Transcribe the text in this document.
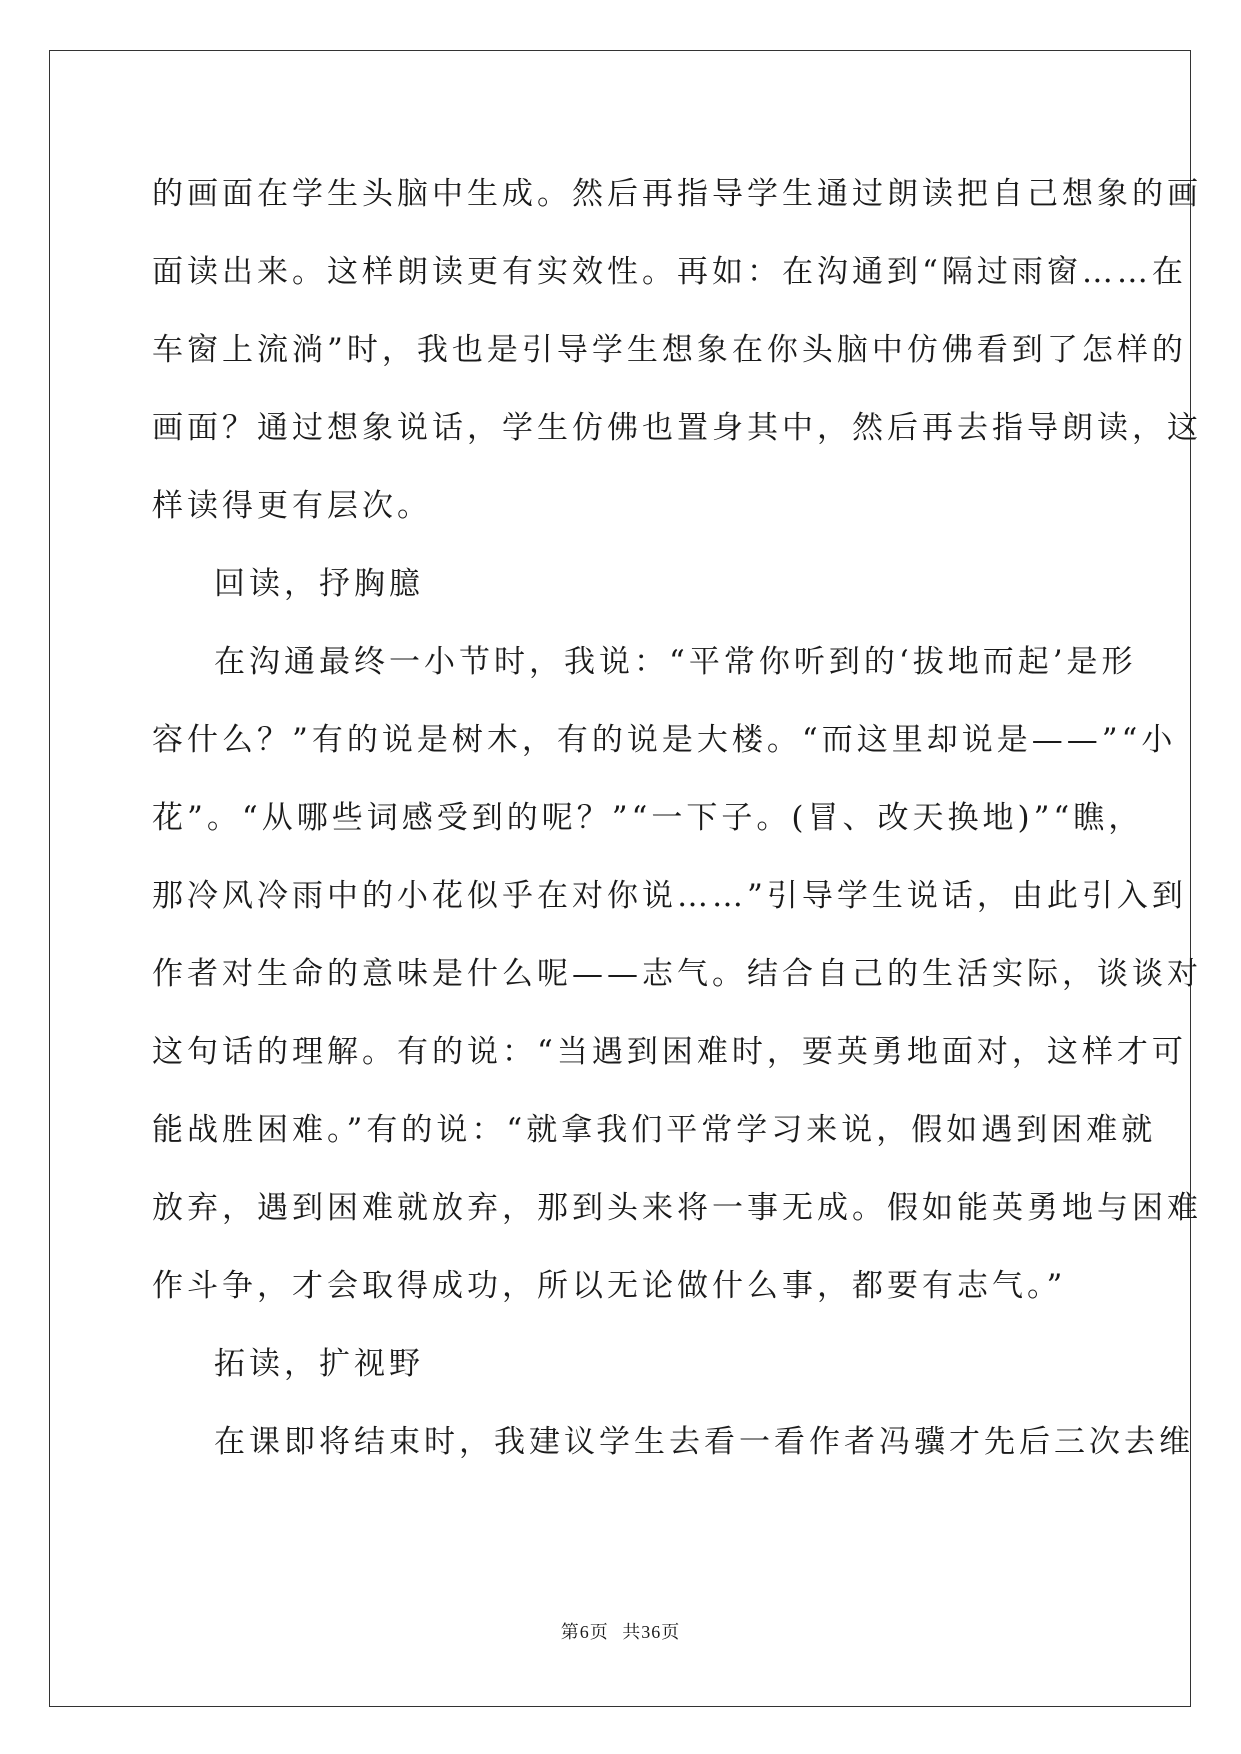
的画面在学生头脑中生成。然后再指导学生通过朗读把自己想象的画
面读出来。这样朗读更有实效性。再如：在沟通到“隔过雨窗……在
车窗上流淌”时，我也是引导学生想象在你头脑中仿佛看到了怎样的
画面？通过想象说话，学生仿佛也置身其中，然后再去指导朗读，这
样读得更有层次。
回读，抒胸臆
在沟通最终一小节时，我说：“平常你听到的‘拔地而起’是形
容什么？”有的说是树木，有的说是大楼。“而这里却说是——”“小
花”。“从哪些词感受到的呢？”“一下子。(冒、改天换地)”“瞧，
那冷风冷雨中的小花似乎在对你说……”引导学生说话，由此引入到
作者对生命的意味是什么呢——志气。结合自己的生活实际，谈谈对
这句话的理解。有的说：“当遇到困难时，要英勇地面对，这样才可
能战胜困难。”有的说：“就拿我们平常学习来说，假如遇到困难就
放弃，遇到困难就放弃，那到头来将一事无成。假如能英勇地与困难
作斗争，才会取得成功，所以无论做什么事，都要有志气。”
拓读，扩视野
在课即将结束时，我建议学生去看一看作者冯骥才先后三次去维
第6页 共36页
